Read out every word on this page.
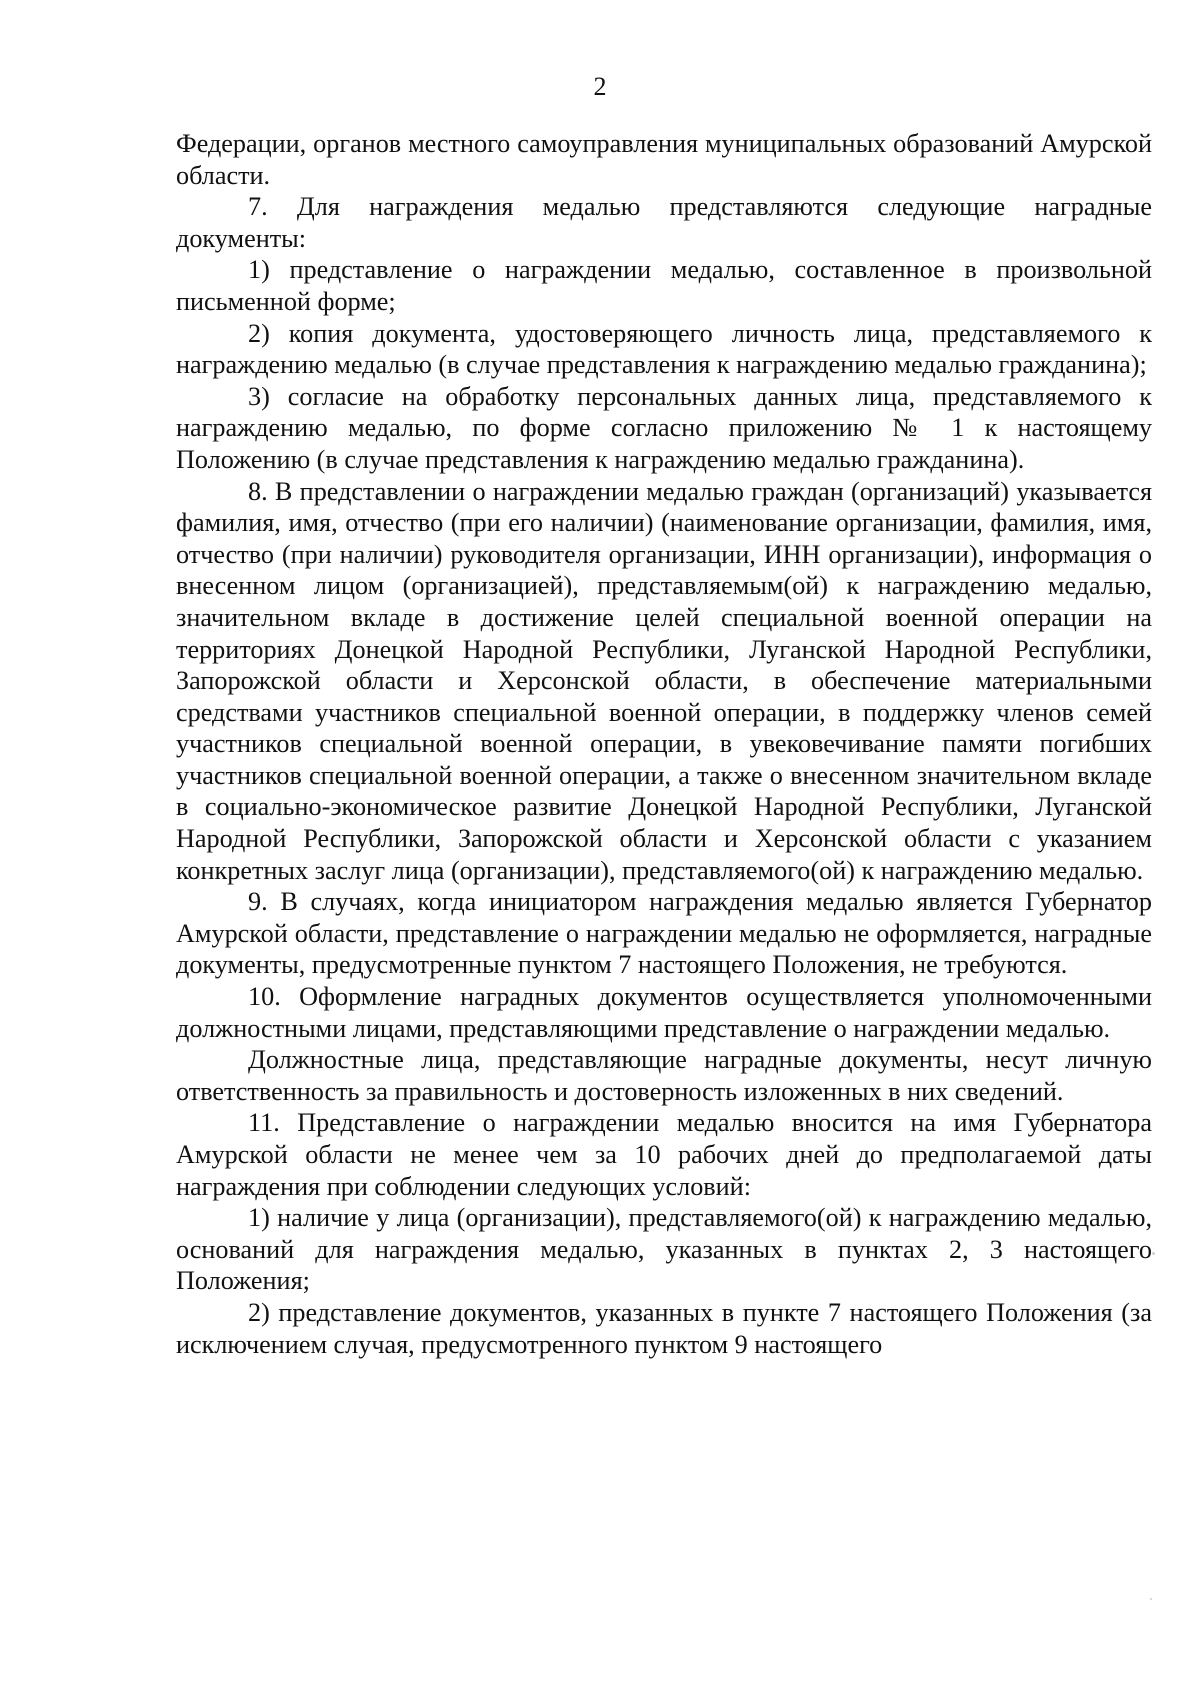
2

Федерации, органов местного самоуправления муниципальных образований Амурской области.

7. Для награждения медалью представляются следующие наградные документы:

1) представление о награждении медалью, составленное в произвольной письменной форме;

2) копия документа, удостоверяющего личность лица, представляемого к награждению медалью (в случае представления к награждению медалью гражданина);

3) согласие на обработку персональных данных лица, представляемого к награждению медалью, по форме согласно приложению № 1 к настоящему Положению (в случае представления к награждению медалью гражданина).

8. В представлении о награждении медалью граждан (организаций) указывается фамилия, имя, отчество (при его наличии) (наименование организации, фамилия, имя, отчество (при наличии) руководителя организации, ИНН организации), информация о внесенном лицом (организацией), представляемым(ой) к награждению медалью, значительном вкладе в достижение целей специальной военной операции на территориях Донецкой Народной Республики, Луганской Народной Республики, Запорожской области и Херсонской области, в обеспечение материальными средствами участников специальной военной операции, в поддержку членов семей участников специальной военной операции, в увековечивание памяти погибших участников специальной военной операции, а также о внесенном значительном вкладе в социально-экономическое развитие Донецкой Народной Республики, Луганской Народной Республики, Запорожской области и Херсонской области с указанием конкретных заслуг лица (организации), представляемого(ой) к награждению медалью.

9. В случаях, когда инициатором награждения медалью является Губернатор Амурской области, представление о награждении медалью не оформляется, наградные документы, предусмотренные пунктом 7 настоящего Положения, не требуются.

10. Оформление наградных документов осуществляется уполномоченными должностными лицами, представляющими представление о награждении медалью.

Должностные лица, представляющие наградные документы, несут личную ответственность за правильность и достоверность изложенных в них сведений.

11. Представление о награждении медалью вносится на имя Губернатора Амурской области не менее чем за 10 рабочих дней до предполагаемой даты награждения при соблюдении следующих условий:

1) наличие у лица (организации), представляемого(ой) к награждению медалью, оснований для награждения медалью, указанных в пунктах 2, 3 настоящего Положения;

2) представление документов, указанных в пункте 7 настоящего Положения (за исключением случая, предусмотренного пунктом 9 настоящего
